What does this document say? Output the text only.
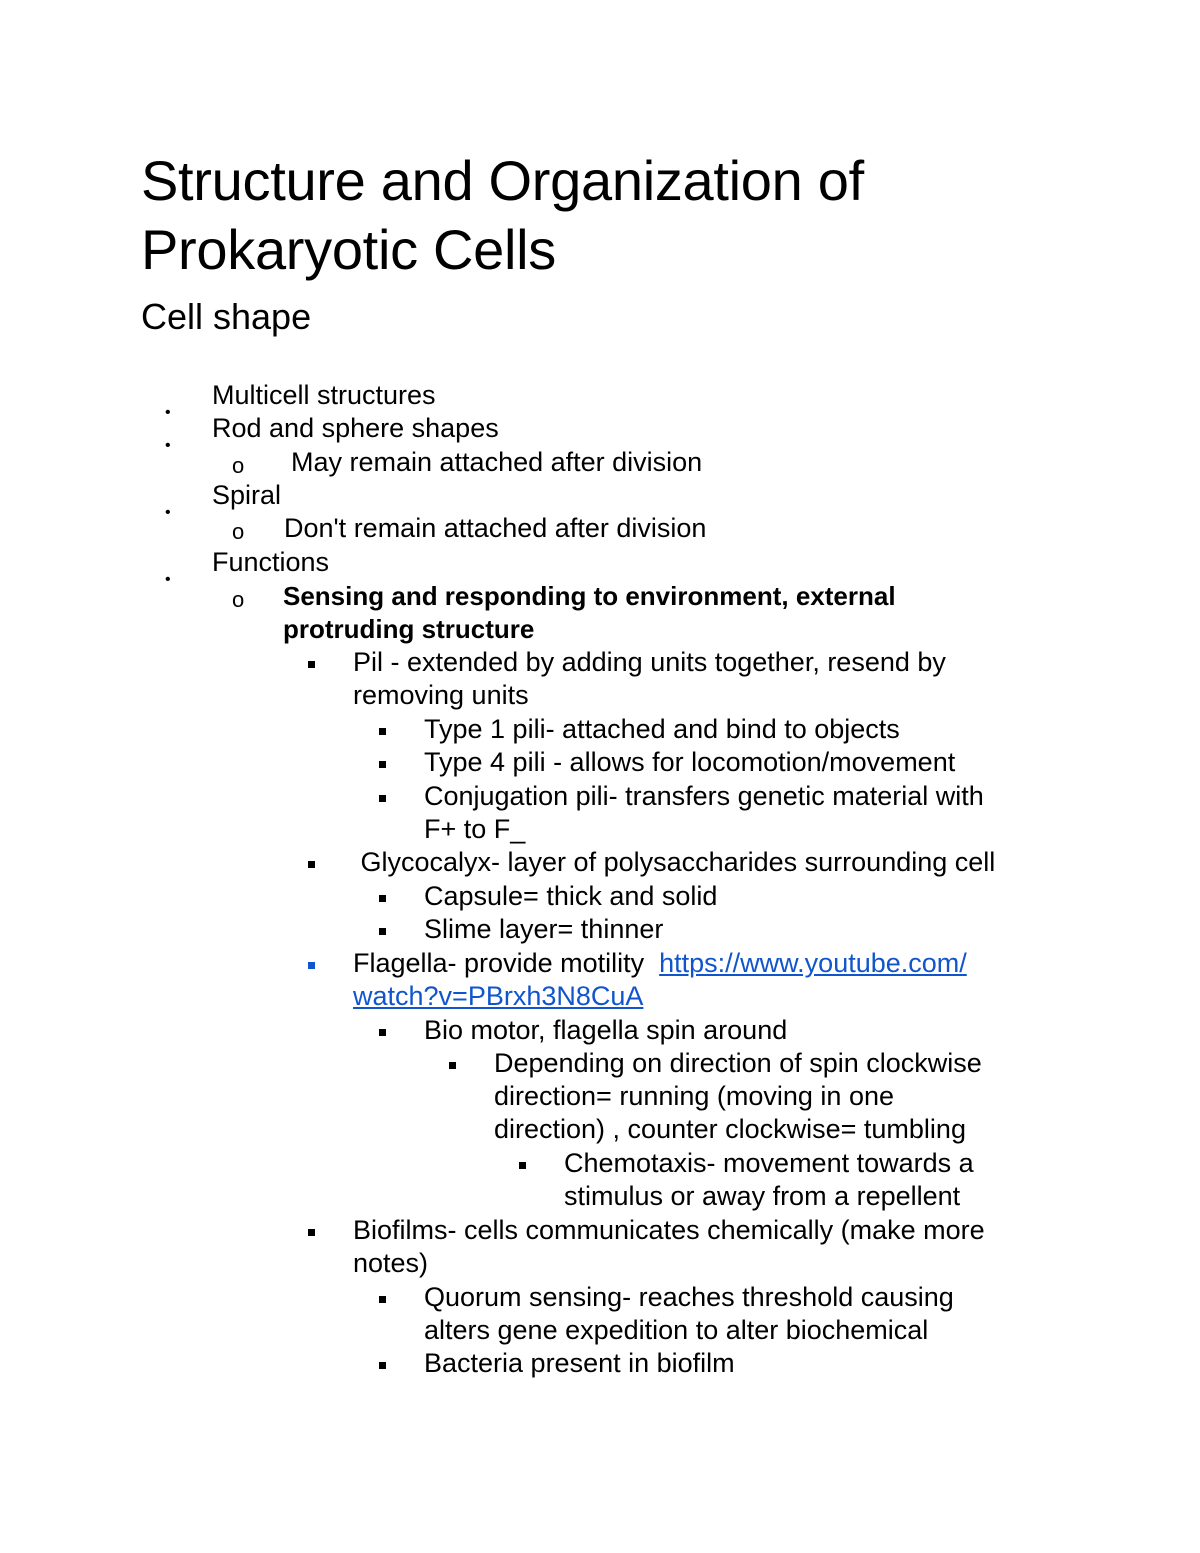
Structure and Organization of
Prokaryotic Cells
Cell shape
•
Multicell structures
•
Rod and sphere shapes
o May remain attached after division
•
Spiral
o Don't remain attached after division
•
Functions
o Sensing and responding to environment, external
protruding structure
Pil - extended by adding units together, resend by
removing units
Type 1 pili- attached and bind to objects
Type 4 pili - allows for locomotion/movement
Conjugation pili- transfers genetic material with
F+ to F_
Glycocalyx- layer of polysaccharides surrounding cell
Capsule= thick and solid
Slime layer= thinner
Flagella- provide motility  https://www.youtube.com/
watch?v=PBrxh3N8CuA
Bio motor, flagella spin around
Depending on direction of spin clockwise
direction= running (moving in one
direction) , counter clockwise= tumbling
Chemotaxis- movement towards a
stimulus or away from a repellent
Biofilms- cells communicates chemically (make more
notes)
Quorum sensing- reaches threshold causing
alters gene expedition to alter biochemical
Bacteria present in biofilm
